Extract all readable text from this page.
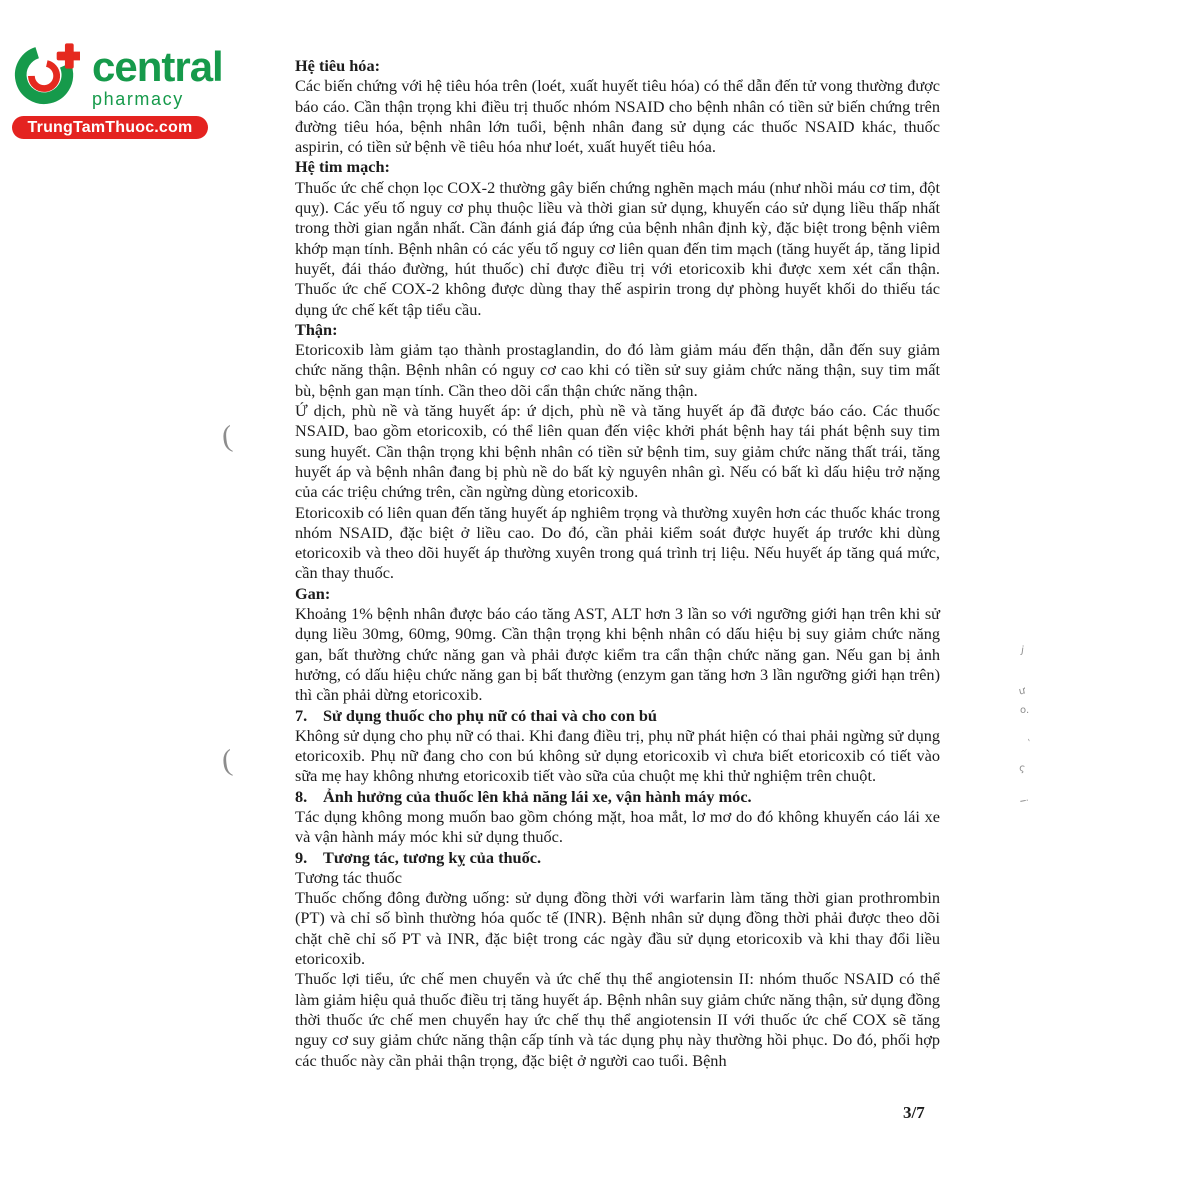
central
pharmacy
TrungTamThuoc.com

Hệ tiêu hóa:

Các biến chứng với hệ tiêu hóa trên (loét, xuất huyết tiêu hóa) có thể dẫn đến tử vong thường được báo cáo. Cần thận trọng khi điều trị thuốc nhóm NSAID cho bệnh nhân có tiền sử biến chứng trên đường tiêu hóa, bệnh nhân lớn tuổi, bệnh nhân đang sử dụng các thuốc NSAID khác, thuốc aspirin, có tiền sử bệnh về tiêu hóa như loét, xuất huyết tiêu hóa.

Hệ tim mạch:

Thuốc ức chế chọn lọc COX-2 thường gây biến chứng nghẽn mạch máu (như nhồi máu cơ tim, đột quỵ). Các yếu tố nguy cơ phụ thuộc liều và thời gian sử dụng, khuyến cáo sử dụng liều thấp nhất trong thời gian ngắn nhất. Cần đánh giá đáp ứng của bệnh nhân định kỳ, đặc biệt trong bệnh viêm khớp mạn tính. Bệnh nhân có các yếu tố nguy cơ liên quan đến tim mạch (tăng huyết áp, tăng lipid huyết, đái tháo đường, hút thuốc) chỉ được điều trị với etoricoxib khi được xem xét cẩn thận. Thuốc ức chế COX-2 không được dùng thay thế aspirin trong dự phòng huyết khối do thiếu tác dụng ức chế kết tập tiểu cầu.

Thận:

Etoricoxib làm giảm tạo thành prostaglandin, do đó làm giảm máu đến thận, dẫn đến suy giảm chức năng thận. Bệnh nhân có nguy cơ cao khi có tiền sử suy giảm chức năng thận, suy tim mất bù, bệnh gan mạn tính. Cần theo dõi cẩn thận chức năng thận.

Ứ dịch, phù nề và tăng huyết áp: ứ dịch, phù nề và tăng huyết áp đã được báo cáo. Các thuốc NSAID, bao gồm etoricoxib, có thể liên quan đến việc khởi phát bệnh hay tái phát bệnh suy tim sung huyết. Cần thận trọng khi bệnh nhân có tiền sử bệnh tim, suy giảm chức năng thất trái, tăng huyết áp và bệnh nhân đang bị phù nề do bất kỳ nguyên nhân gì. Nếu có bất kì dấu hiệu trở nặng của các triệu chứng trên, cần ngừng dùng etoricoxib.

Etoricoxib có liên quan đến tăng huyết áp nghiêm trọng và thường xuyên hơn các thuốc khác trong nhóm NSAID, đặc biệt ở liều cao. Do đó, cần phải kiểm soát được huyết áp trước khi dùng etoricoxib và theo dõi huyết áp thường xuyên trong quá trình trị liệu. Nếu huyết áp tăng quá mức, cần thay thuốc.

Gan:

Khoảng 1% bệnh nhân được báo cáo tăng AST, ALT hơn 3 lần so với ngưỡng giới hạn trên khi sử dụng liều 30mg, 60mg, 90mg. Cần thận trọng khi bệnh nhân có dấu hiệu bị suy giảm chức năng gan, bất thường chức năng gan và phải được kiểm tra cẩn thận chức năng gan. Nếu gan bị ảnh hưởng, có dấu hiệu chức năng gan bị bất thường (enzym gan tăng hơn 3 lần ngưỡng giới hạn trên) thì cần phải dừng etoricoxib.

7. Sử dụng thuốc cho phụ nữ có thai và cho con bú

Không sử dụng cho phụ nữ có thai. Khi đang điều trị, phụ nữ phát hiện có thai phải ngừng sử dụng etoricoxib. Phụ nữ đang cho con bú không sử dụng etoricoxib vì chưa biết etoricoxib có tiết vào sữa mẹ hay không nhưng etoricoxib tiết vào sữa của chuột mẹ khi thử nghiệm trên chuột.

8. Ảnh hưởng của thuốc lên khả năng lái xe, vận hành máy móc.

Tác dụng không mong muốn bao gồm chóng mặt, hoa mắt, lơ mơ do đó không khuyến cáo lái xe và vận hành máy móc khi sử dụng thuốc.

9. Tương tác, tương kỵ của thuốc.

Tương tác thuốc

Thuốc chống đông đường uống: sử dụng đồng thời với warfarin làm tăng thời gian prothrombin (PT) và chỉ số bình thường hóa quốc tế (INR). Bệnh nhân sử dụng đồng thời phải được theo dõi chặt chẽ chỉ số PT và INR, đặc biệt trong các ngày đầu sử dụng etoricoxib và khi thay đổi liều etoricoxib.

Thuốc lợi tiểu, ức chế men chuyển và ức chế thụ thể angiotensin II: nhóm thuốc NSAID có thể làm giảm hiệu quả thuốc điều trị tăng huyết áp. Bệnh nhân suy giảm chức năng thận, sử dụng đồng thời thuốc ức chế men chuyển hay ức chế thụ thể angiotensin II với thuốc ức chế COX sẽ tăng nguy cơ suy giảm chức năng thận cấp tính và tác dụng phụ này thường hồi phục. Do đó, phối hợp các thuốc này cần phải thận trọng, đặc biệt ở người cao tuổi. Bệnh

3/7
(
(
j
ư
o.
`
ς
i
